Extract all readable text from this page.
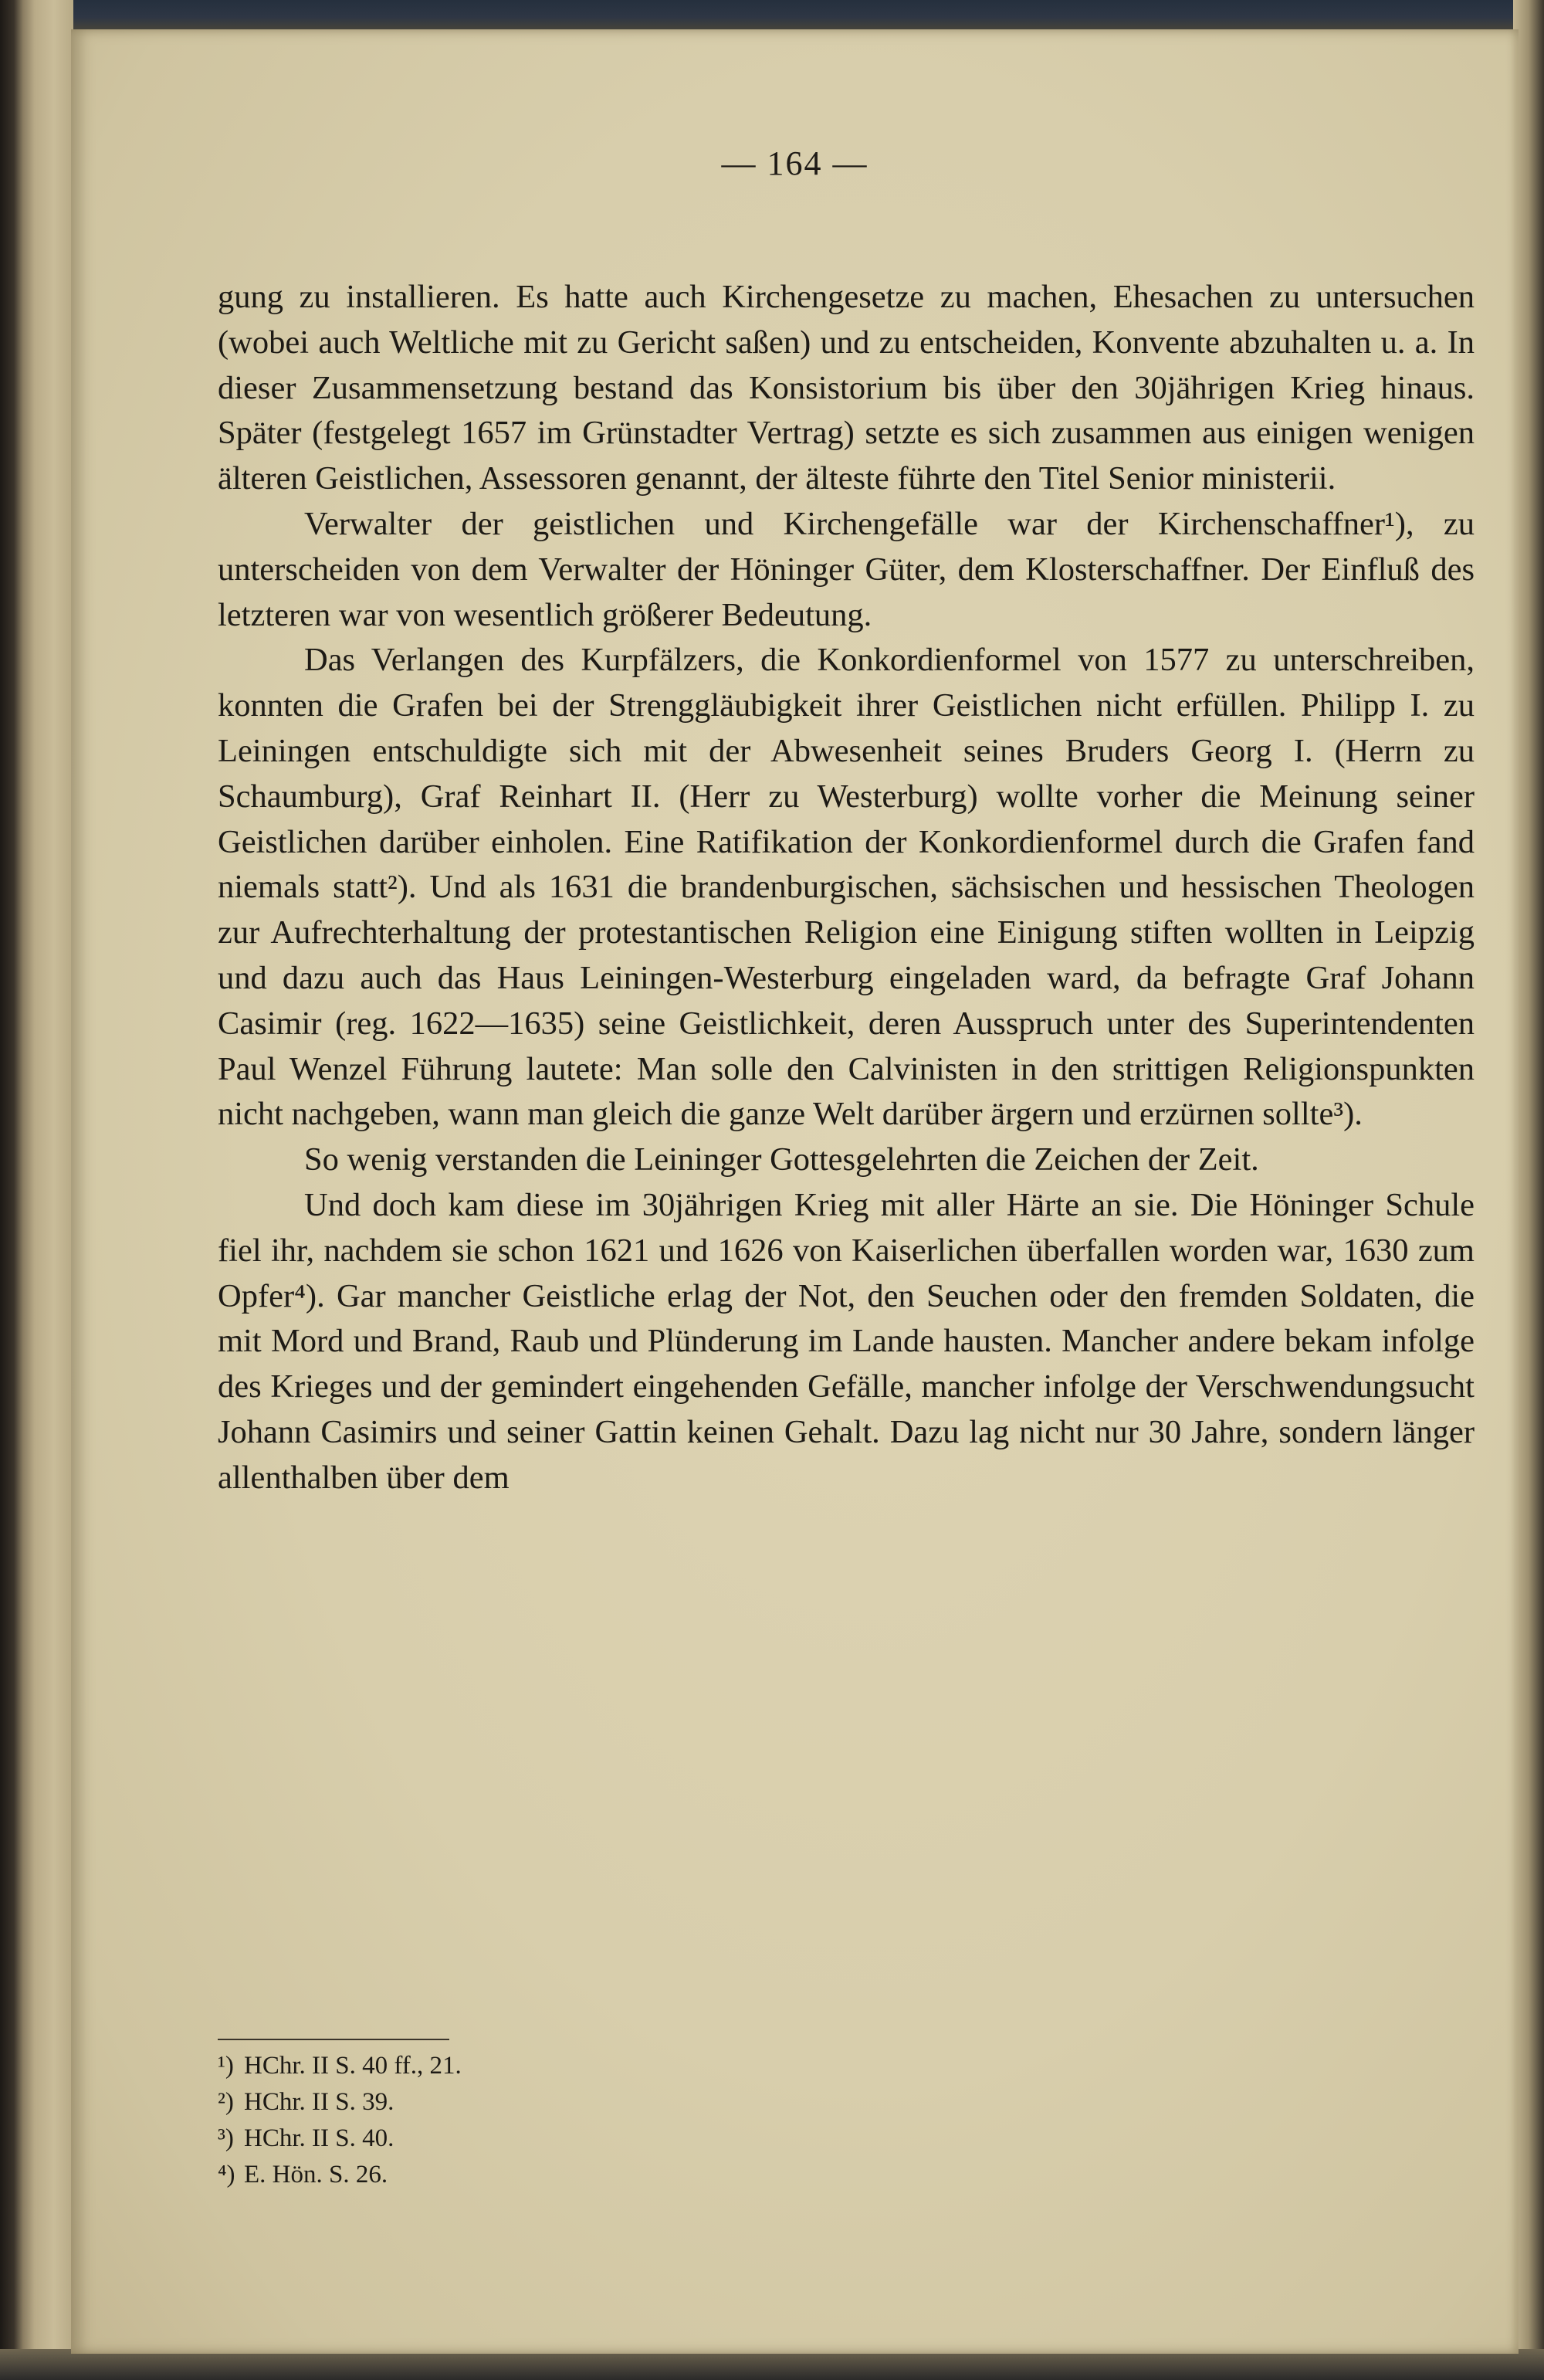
— 164 —

gung zu installieren. Es hatte auch Kirchengesetze zu machen, Ehesachen zu untersuchen (wobei auch Weltliche mit zu Gericht saßen) und zu entscheiden, Konvente abzuhalten u. a. In dieser Zusammensetzung bestand das Konsistorium bis über den 30jährigen Krieg hinaus. Später (festgelegt 1657 im Grünstadter Vertrag) setzte es sich zusammen aus einigen wenigen älteren Geistlichen, Assessoren genannt, der älteste führte den Titel Senior ministerii.

Verwalter der geistlichen und Kirchengefälle war der Kirchenschaffner¹), zu unterscheiden von dem Verwalter der Höninger Güter, dem Klosterschaffner. Der Einfluß des letzteren war von wesentlich größerer Bedeutung.

Das Verlangen des Kurpfälzers, die Konkordienformel von 1577 zu unterschreiben, konnten die Grafen bei der Strenggläubigkeit ihrer Geistlichen nicht erfüllen. Philipp I. zu Leiningen entschuldigte sich mit der Abwesenheit seines Bruders Georg I. (Herrn zu Schaumburg), Graf Reinhart II. (Herr zu Westerburg) wollte vorher die Meinung seiner Geistlichen darüber einholen. Eine Ratifikation der Konkordienformel durch die Grafen fand niemals statt²). Und als 1631 die brandenburgischen, sächsischen und hessischen Theologen zur Aufrechterhaltung der protestantischen Religion eine Einigung stiften wollten in Leipzig und dazu auch das Haus Leiningen-Westerburg eingeladen ward, da befragte Graf Johann Casimir (reg. 1622—1635) seine Geistlichkeit, deren Ausspruch unter des Superintendenten Paul Wenzel Führung lautete: Man solle den Calvinisten in den strittigen Religionspunkten nicht nachgeben, wann man gleich die ganze Welt darüber ärgern und erzürnen sollte³).

So wenig verstanden die Leininger Gottesgelehrten die Zeichen der Zeit.

Und doch kam diese im 30jährigen Krieg mit aller Härte an sie. Die Höninger Schule fiel ihr, nachdem sie schon 1621 und 1626 von Kaiserlichen überfallen worden war, 1630 zum Opfer⁴). Gar mancher Geistliche erlag der Not, den Seuchen oder den fremden Soldaten, die mit Mord und Brand, Raub und Plünderung im Lande hausten. Mancher andere bekam infolge des Krieges und der gemindert eingehenden Gefälle, mancher infolge der Verschwendungsucht Johann Casimirs und seiner Gattin keinen Gehalt. Dazu lag nicht nur 30 Jahre, sondern länger allenthalben über dem

¹) HChr. II S. 40 ff., 21.
²) HChr. II S. 39.
³) HChr. II S. 40.
⁴) E. Hön. S. 26.
